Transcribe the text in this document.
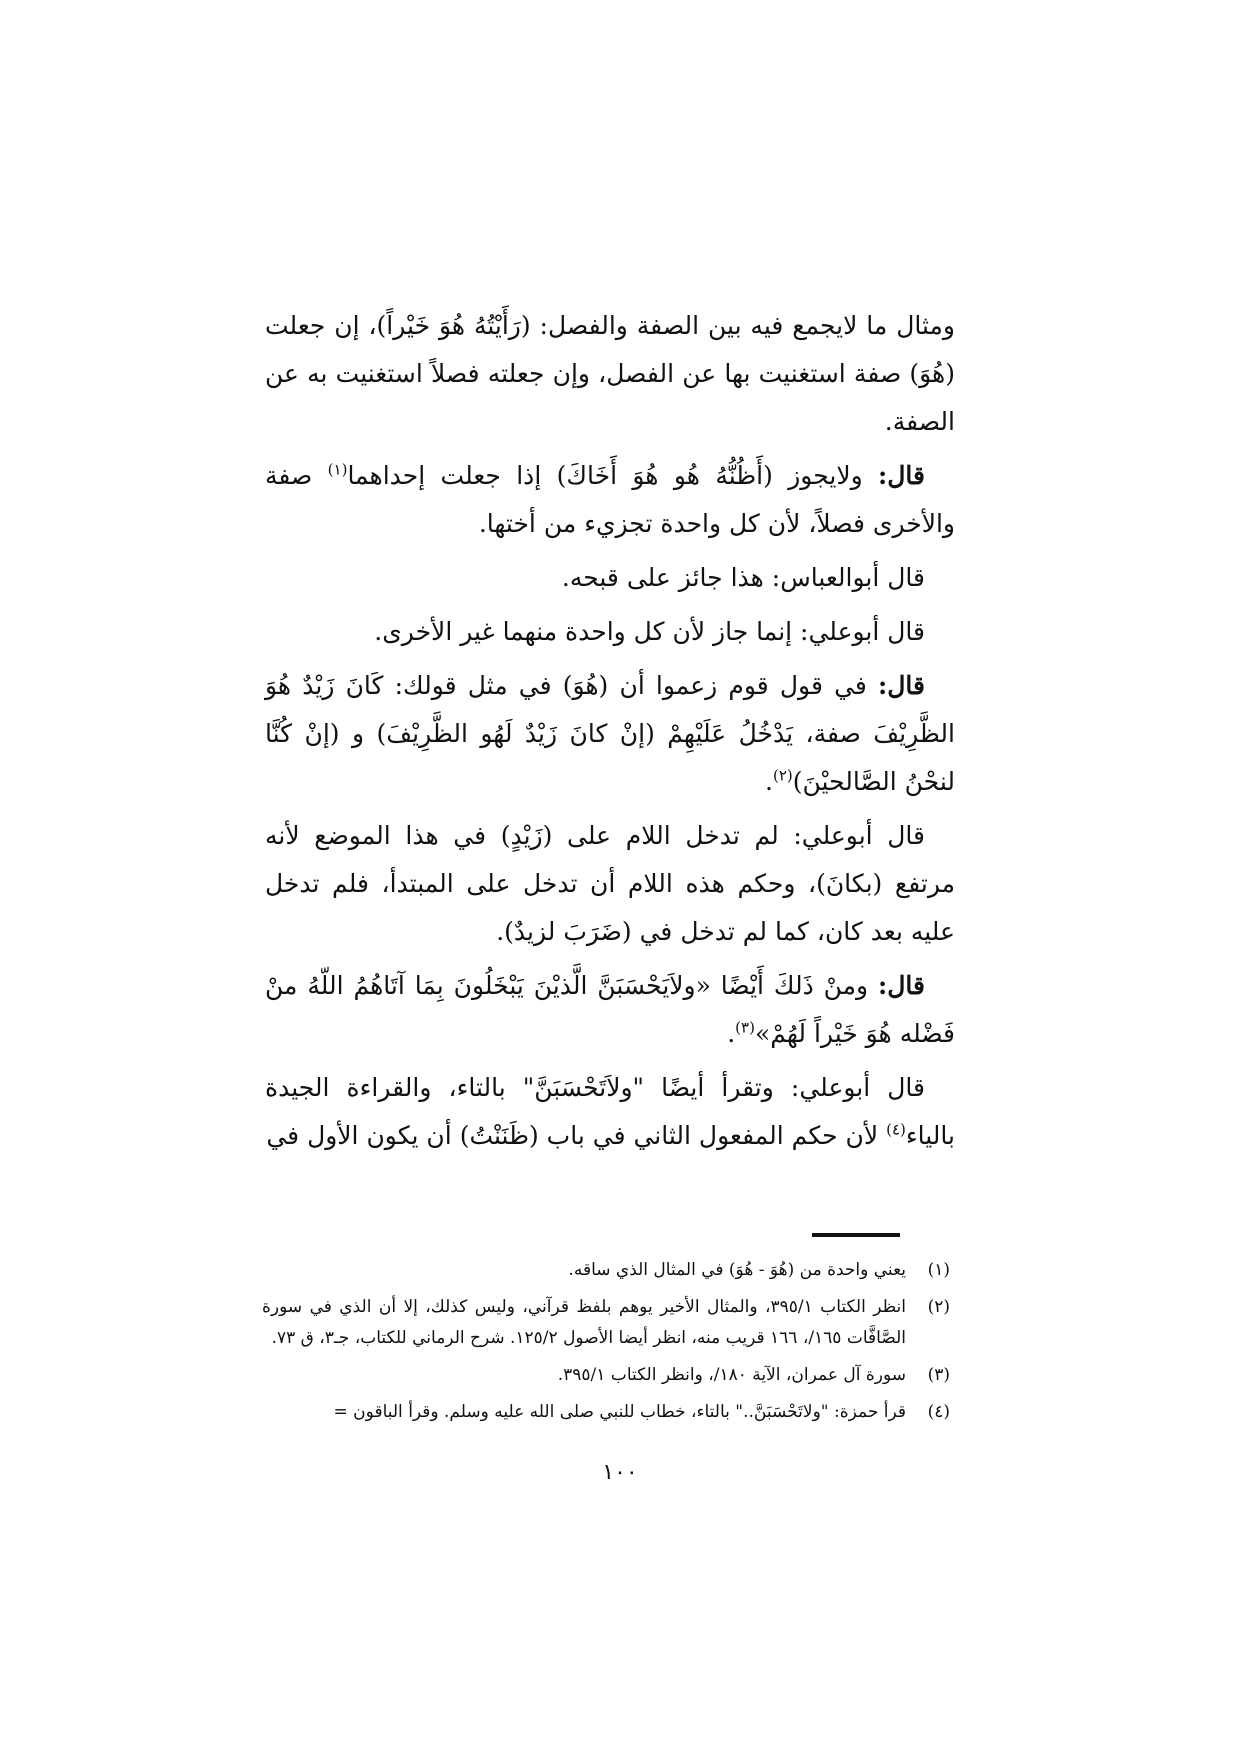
ومثال ما لايجمع فيه بين الصفة والفصل: (رَأَيْتُهُ هُوَ خَيْراً)، إن جعلت (هُوَ) صفة استغنيت بها عن الفصل، وإن جعلته فصلاً استغنيت به عن الصفة.

قال: ولايجوز (أَظُنُّهُ هُو هُوَ أَخَاكَ) إذا جعلت إحداهما$^{(١)}$ صفة والأخرى فصلاً، لأن كل واحدة تجزيء من أختها.

قال أبوالعباس: هذا جائز على قبحه.

قال أبوعلي: إنما جاز لأن كل واحدة منهما غير الأخرى.

قال: في قول قوم زعموا أن (هُوَ) في مثل قولك: كَانَ زَيْدٌ هُوَ الظَّرِيْفَ صفة، يَدْخُلُ عَلَيْهِمْ (إنْ كانَ زَيْدٌ لَهُو الظَّرِيْفَ) و (إنْ كُنَّا لنحْنُ الصَّالحيْنَ)$^{(٢)}$.

قال أبوعلي: لم تدخل اللام على (زَيْدٍ) في هذا الموضع لأنه مرتفع (بكانَ)، وحكم هذه اللام أن تدخل على المبتدأ، فلم تدخل عليه بعد كان، كما لم تدخل في (ضَرَبَ لزيدٌ).

قال: ومنْ ذَلكَ أَيْضًا «ولاَيَحْسَبَنَّ الَّذيْنَ يَبْخَلُونَ بِمَا آتَاهُمُ اللّهُ منْ فَضْله هُوَ خَيْراً لَهُمْ»$^{(٣)}$.

قال أبوعلي: وتقرأ أيضًا "ولاَتَحْسَبَنَّ" بالتاء، والقراءة الجيدة بالياء$^{(٤)}$ لأن حكم المفعول الثاني في باب (ظَنَنْتُ) أن يكون الأول في

(١)
يعني واحدة من (هُوَ - هُوَ) في المثال الذي ساقه.
(٢)
انظر الكتاب ٣٩٥/١، والمثال الأخير يوهم بلفظ قرآني، وليس كذلك، إلا أن الذي في سورة الصَّافَّات ١٦٥/، ١٦٦ قريب منه، انظر أيضا الأصول ١٢٥/٢. شرح الرماني للكتاب، جـ٣، ق ٧٣.
(٣)
سورة آل عمران، الآية ١٨٠/، وانظر الكتاب ٣٩٥/١.
(٤)
قرأ حمزة: "ولاتَحْسَبَنَّ.." بالتاء، خطاب للنبي صلى الله عليه وسلم. وقرأ الباقون =
١٠٠
